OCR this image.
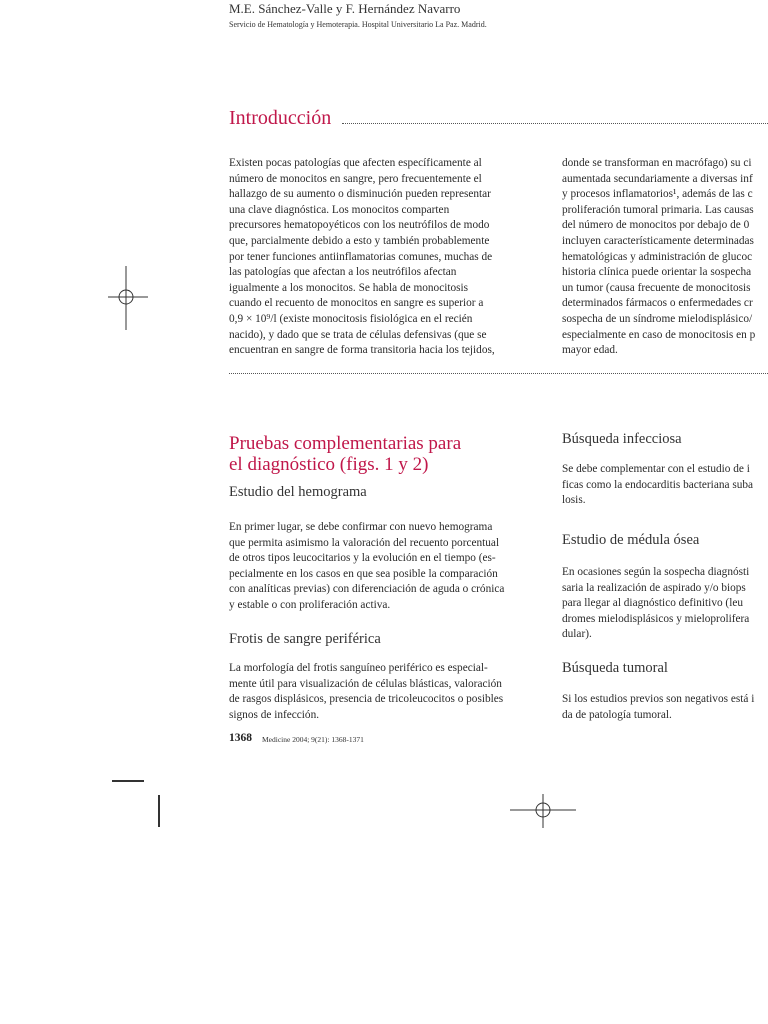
M.E. Sánchez-Valle y F. Hernández Navarro
Servicio de Hematología y Hemoterapia. Hospital Universitario La Paz. Madrid.
Introducción
Existen pocas patologías que afecten específicamente al
número de monocitos en sangre, pero frecuentemente el
hallazgo de su aumento o disminución pueden representar
una clave diagnóstica. Los monocitos comparten
precursores hematopoyéticos con los neutrófilos de modo
que, parcialmente debido a esto y también probablemente
por tener funciones antiinflamatorias comunes, muchas de
las patologías que afectan a los neutrófilos afectan
igualmente a los monocitos. Se habla de monocitosis
cuando el recuento de monocitos en sangre es superior a
0,9 × 10⁹/l (existe monocitosis fisiológica en el recién
nacido), y dado que se trata de células defensivas (que se
encuentran en sangre de forma transitoria hacia los tejidos,
donde se transforman en macrófago) su ci
aumentada secundariamente a diversas inf
y procesos inflamatorios¹, además de las c
proliferación tumoral primaria. Las causas
del número de monocitos por debajo de 0
incluyen característicamente determinadas
hematológicas y administración de glucoc
historia clínica puede orientar la sospecha
un tumor (causa frecuente de monocitosis
determinados fármacos o enfermedades cr
sospecha de un síndrome mielodisplásico/
especialmente en caso de monocitosis en p
mayor edad.
Pruebas complementarias para
el diagnóstico (figs. 1 y 2)
Estudio del hemograma
En primer lugar, se debe confirmar con nuevo hemograma
que permita asimismo la valoración del recuento porcentual
de otros tipos leucocitarios y la evolución en el tiempo (es-
pecialmente en los casos en que sea posible la comparación
con analíticas previas) con diferenciación de aguda o crónica
y estable o con proliferación activa.
Frotis de sangre periférica
La morfología del frotis sanguíneo periférico es especial-
mente útil para visualización de células blásticas, valoración
de rasgos displásicos, presencia de tricoleucocitos o posibles
signos de infección.
Búsqueda infecciosa
Se debe complementar con el estudio de i
ficas como la endocarditis bacteriana suba
losis.
Estudio de médula ósea
En ocasiones según la sospecha diagnósti
saria la realización de aspirado y/o biops
para llegar al diagnóstico definitivo (leu
dromes mielodisplásicos y mieloprolifera
dular).
Búsqueda tumoral
Si los estudios previos son negativos está i
da de patología tumoral.
1368 Medicine 2004; 9(21): 1368-1371
